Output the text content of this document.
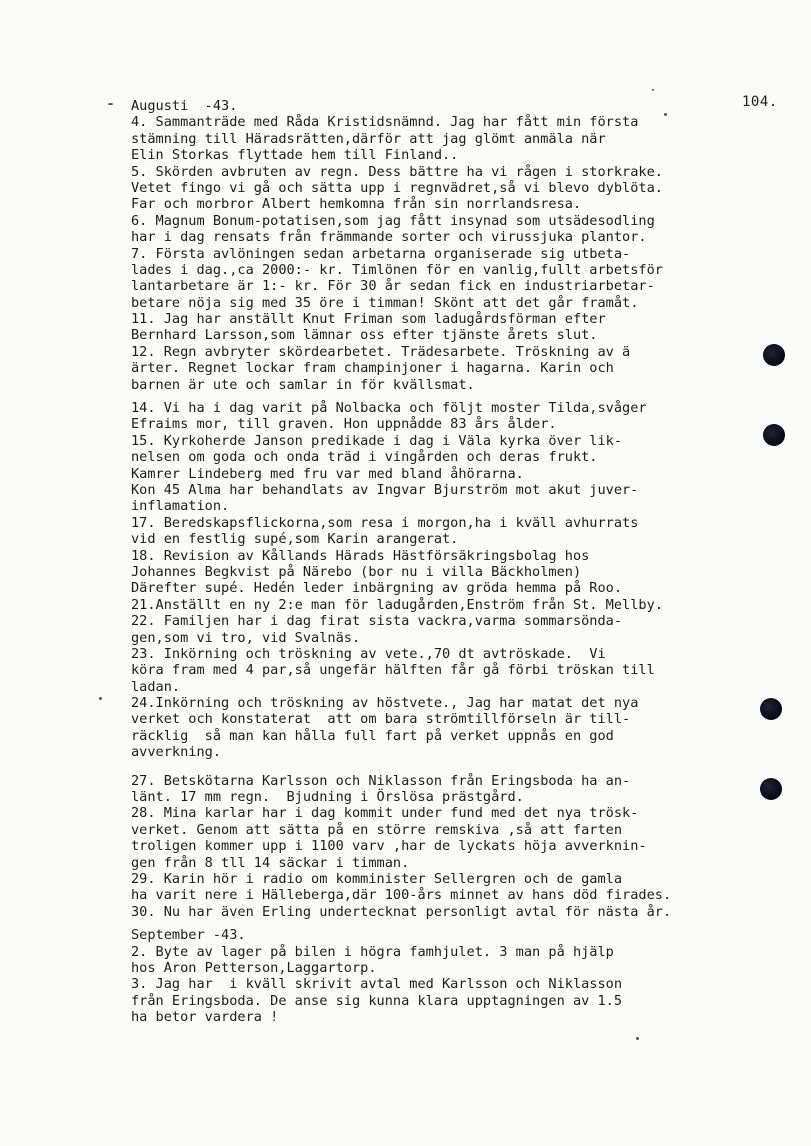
104.
Augusti  -43.
4. Sammanträde med Råda Kristidsnämnd. Jag har fått min första
stämning till Häradsrätten,därför att jag glömt anmäla när
Elin Storkas flyttade hem till Finland..
5. Skörden avbruten av regn. Dess bättre ha vi rågen i storkrake.
Vetet fingo vi gå och sätta upp i regnvädret,så vi blevo dyblöta.
Far och morbror Albert hemkomna från sin norrlandsresa.
6. Magnum Bonum-potatisen,som jag fått insynad som utsädesodling
har i dag rensats från främmande sorter och virussjuka plantor.
7. Första avlöningen sedan arbetarna organiserade sig utbeta-
lades i dag.,ca 2000:- kr. Timlönen för en vanlig,fullt arbetsför
lantarbetare är 1:- kr. För 30 år sedan fick en industriarbetar-
betare nöja sig med 35 öre i timman! Skönt att det går framåt.
11. Jag har anställt Knut Friman som ladugårdsförman efter
Bernhard Larsson,som lämnar oss efter tjänste årets slut.
12. Regn avbryter skördearbetet. Trädesarbete. Tröskning av ä
ärter. Regnet lockar fram champinjoner i hagarna. Karin och
barnen är ute och samlar in för kvällsmat.
14. Vi ha i dag varit på Nolbacka och följt moster Tilda,svåger
Efraims mor, till graven. Hon uppnådde 83 års ålder.
15. Kyrkoherde Janson predikade i dag i Väla kyrka över lik-
nelsen om goda och onda träd i vingården och deras frukt.
Kamrer Lindeberg med fru var med bland åhörarna.
Kon 45 Alma har behandlats av Ingvar Bjurström mot akut juver-
inflamation.
17. Beredskapsflickorna,som resa i morgon,ha i kväll avhurrats
vid en festlig supé,som Karin arangerat.
18. Revision av Kållands Härads Hästförsäkringsbolag hos
Johannes Begkvist på Närebo (bor nu i villa Bäckholmen)
Därefter supé. Hedén leder inbärgning av gröda hemma på Roo.
21.Anställt en ny 2:e man för ladugården,Enström från St. Mellby.
22. Familjen har i dag firat sista vackra,varma sommarsönda-
gen,som vi tro, vid Svalnäs.
23. Inkörning och tröskning av vete.,70 dt avtröskade.  Vi
köra fram med 4 par,så ungefär hälften får gå förbi tröskan till
ladan.
24.Inkörning och tröskning av höstvete., Jag har matat det nya
verket och konstaterat  att om bara strömtillförseln är till-
räcklig  så man kan hålla full fart på verket uppnås en god
avverkning.
27. Betskötarna Karlsson och Niklasson från Eringsboda ha an-
länt. 17 mm regn.  Bjudning i Örslösa prästgård.
28. Mina karlar har i dag kommit under fund med det nya trösk-
verket. Genom att sätta på en större remskiva ,så att farten
troligen kommer upp i 1100 varv ,har de lyckats höja avverknin-
gen från 8 tll 14 säckar i timman.
29. Karin hör i radio om komminister Sellergren och de gamla
ha varit nere i Hälleberga,där 100-års minnet av hans död firades.
30. Nu har även Erling undertecknat personligt avtal för nästa år.
September -43.
2. Byte av lager på bilen i högra famhjulet. 3 man på hjälp
hos Aron Petterson,Laggartorp.
3. Jag har  i kväll skrivit avtal med Karlsson och Niklasson
från Eringsboda. De anse sig kunna klara upptagningen av 1.5
ha betor vardera !
